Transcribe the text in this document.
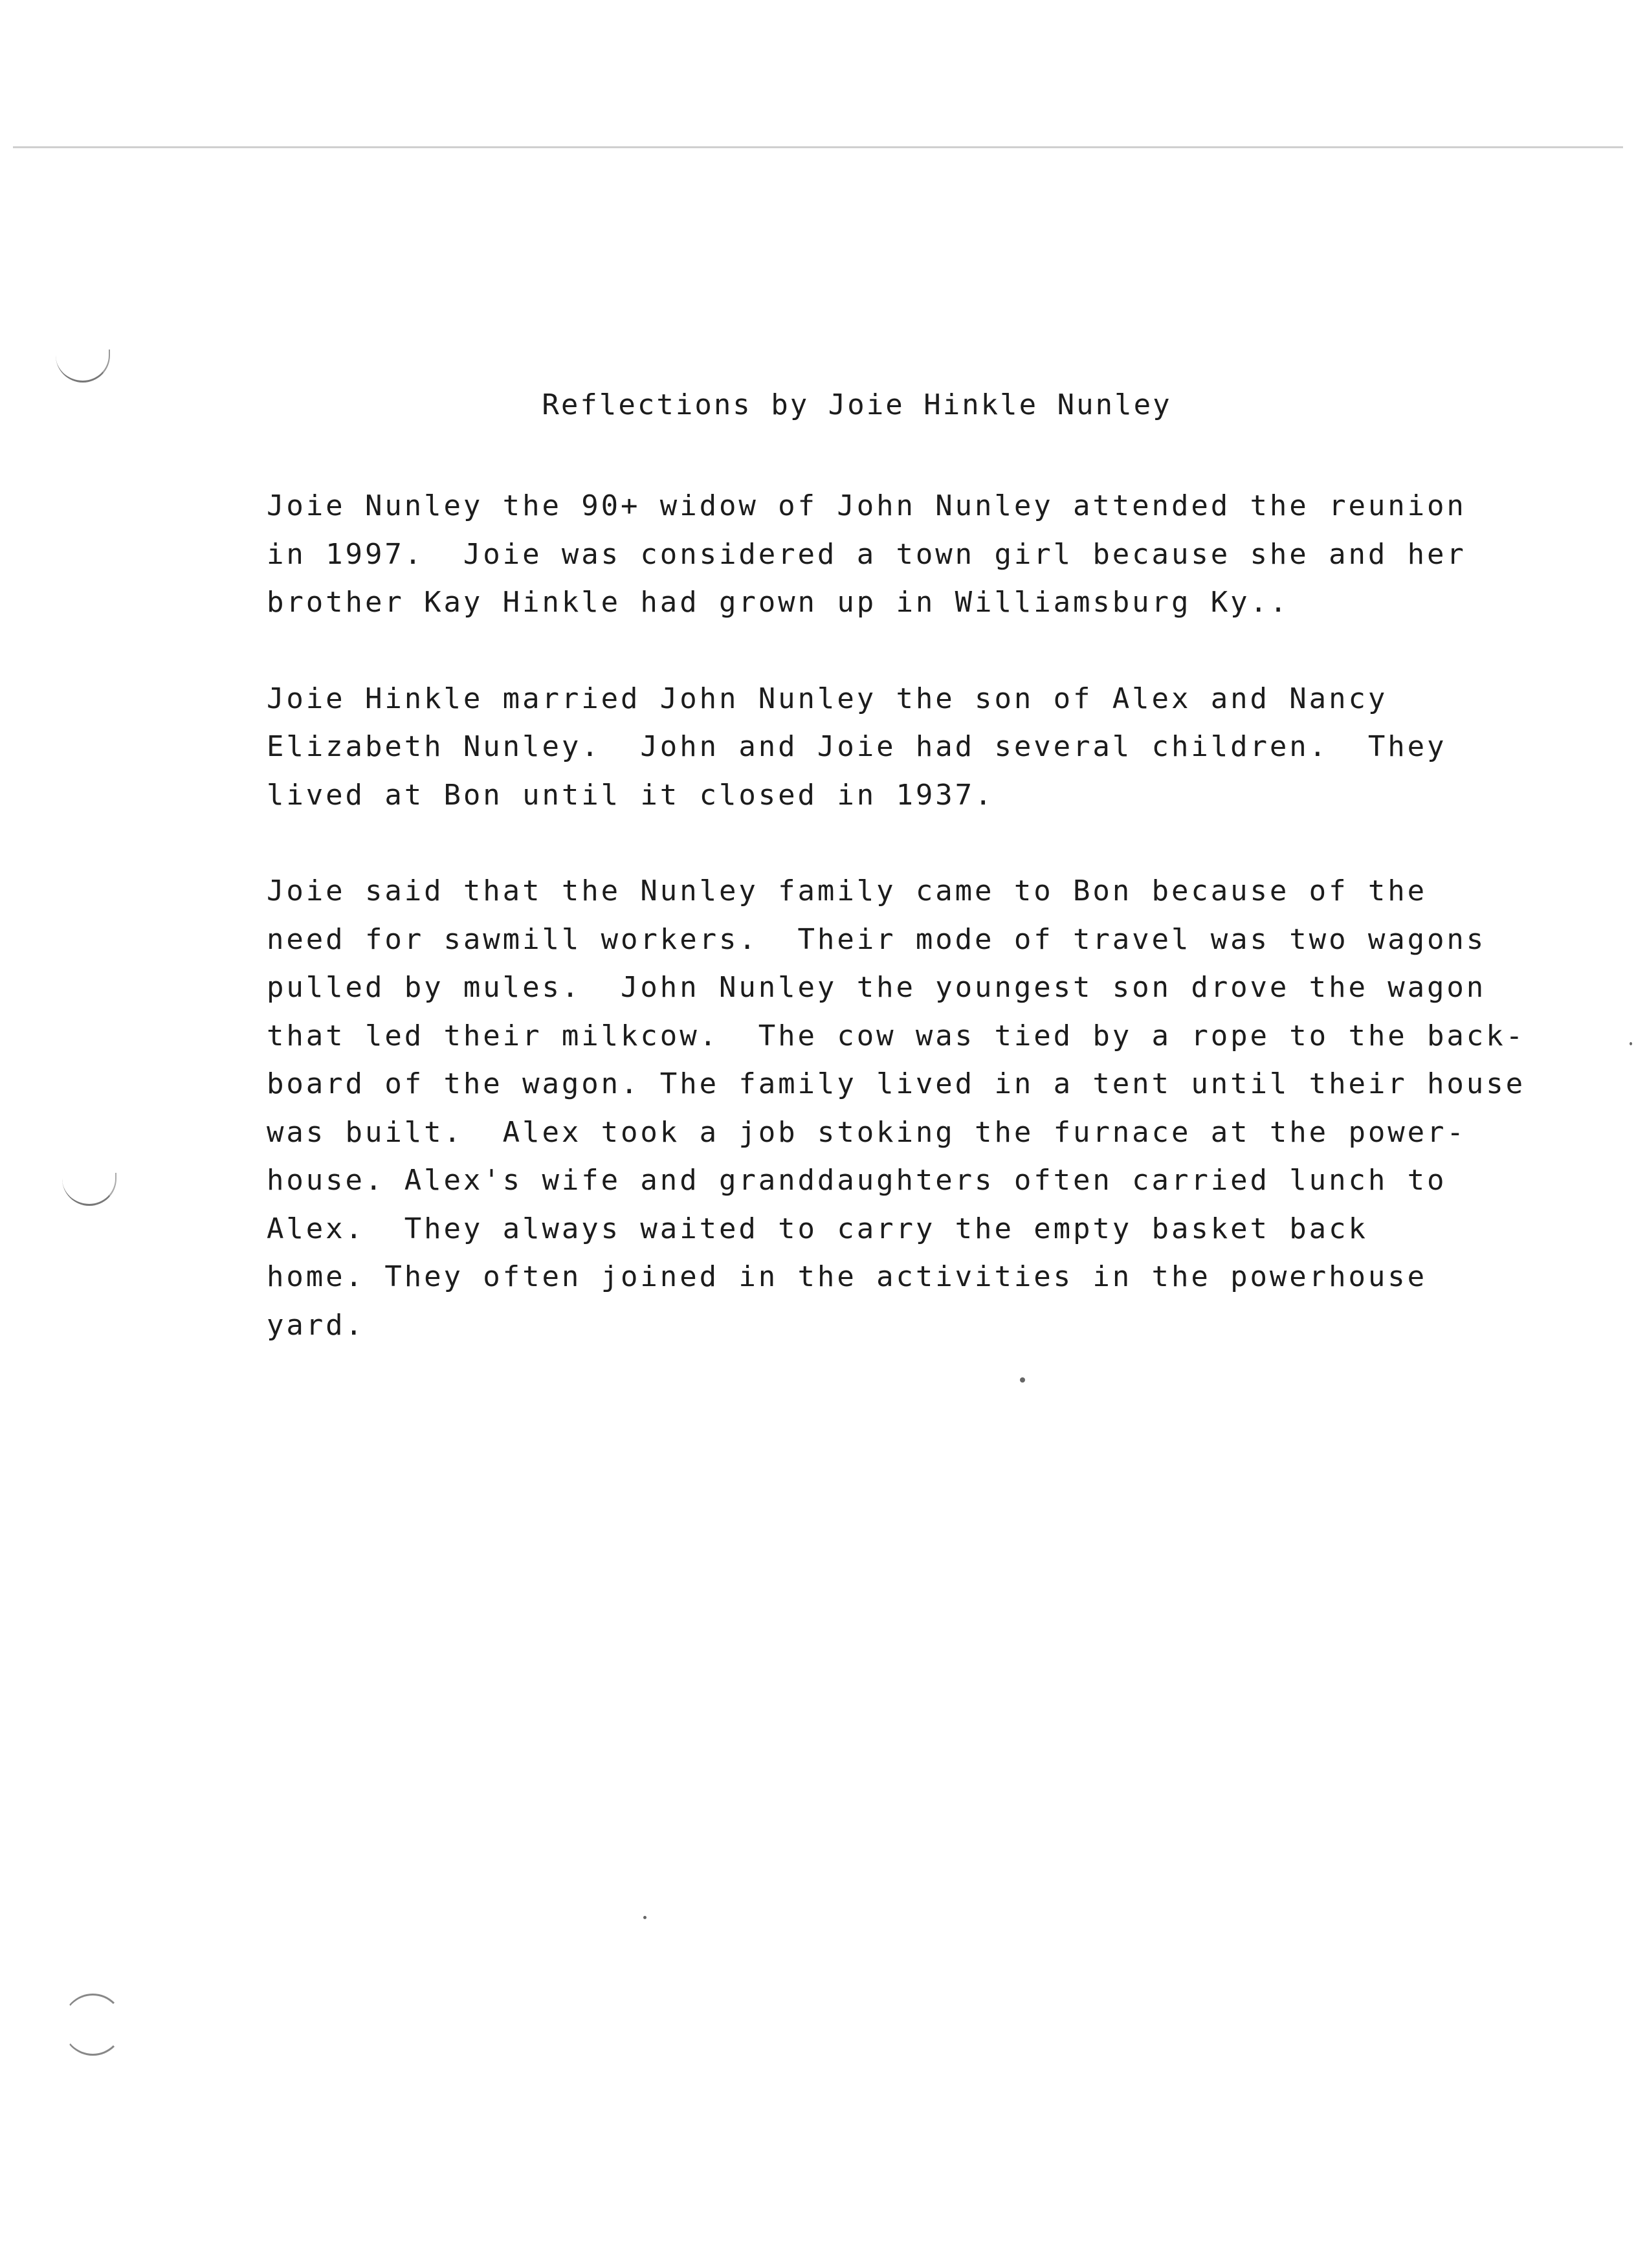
Reflections by Joie Hinkle Nunley
Joie Nunley the 90+ widow of John Nunley attended the reunion
in 1997.  Joie was considered a town girl because she and her
brother Kay Hinkle had grown up in Williamsburg Ky..
Joie Hinkle married John Nunley the son of Alex and Nancy
Elizabeth Nunley.  John and Joie had several children.  They
lived at Bon until it closed in 1937.
Joie said that the Nunley family came to Bon because of the
need for sawmill workers.  Their mode of travel was two wagons
pulled by mules.  John Nunley the youngest son drove the wagon
that led their milkcow.  The cow was tied by a rope to the back-
board of the wagon. The family lived in a tent until their house
was built.  Alex took a job stoking the furnace at the power-
house. Alex's wife and granddaughters often carried lunch to
Alex.  They always waited to carry the empty basket back
home. They often joined in the activities in the powerhouse
yard.
